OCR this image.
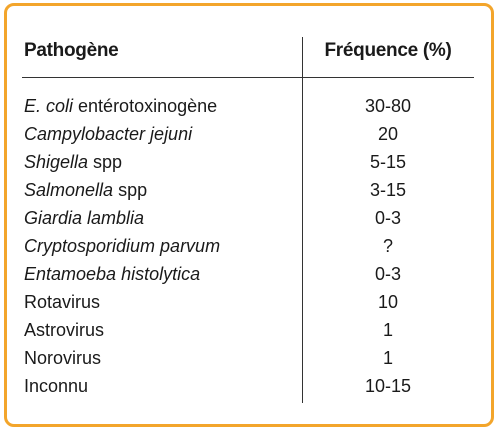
Pathogène	Fréquence (%)
E. coli entérotoxinogène	30-80
Campylobacter jejuni	20
Shigella spp	5-15
Salmonella spp	3-15
Giardia lamblia	0-3
Cryptosporidium parvum	?
Entamoeba histolytica	0-3
Rotavirus	10
Astrovirus	1
Norovirus	1
Inconnu	10-15
